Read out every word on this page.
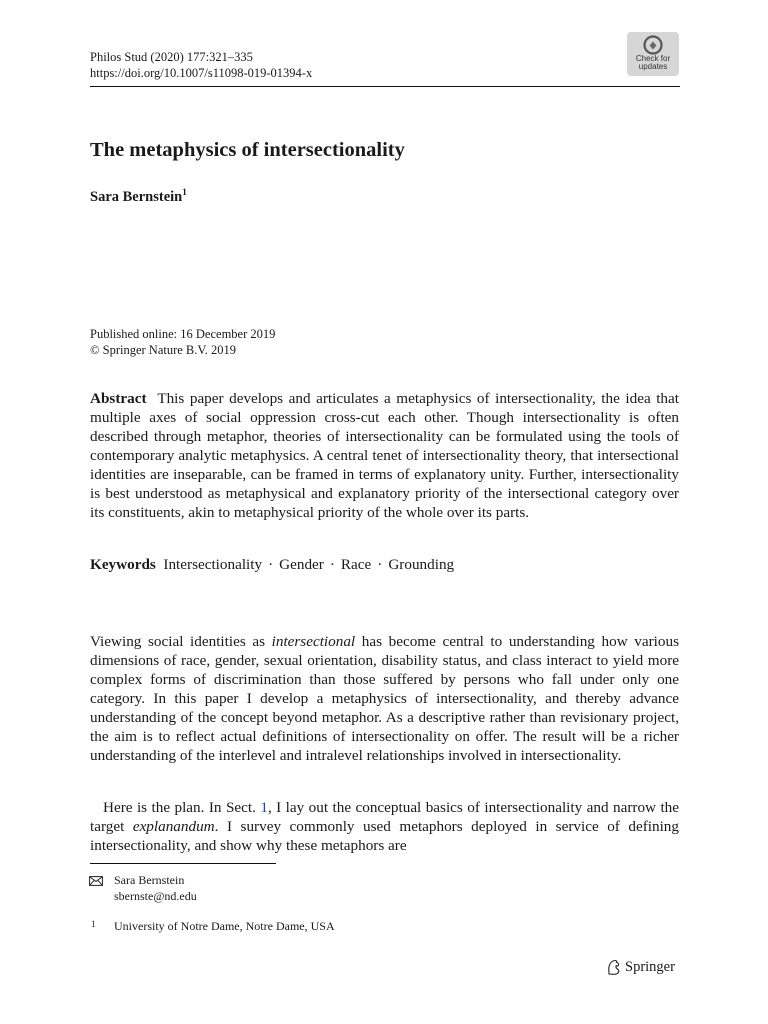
Philos Stud (2020) 177:321–335
https://doi.org/10.1007/s11098-019-01394-x
Check for
updates
The metaphysics of intersectionality
Sara Bernstein$^1$
Published online: 16 December 2019
© Springer Nature B.V. 2019
Abstract This paper develops and articulates a metaphysics of intersectionality, the idea that multiple axes of social oppression cross-cut each other. Though intersectionality is often described through metaphor, theories of intersectionality can be formulated using the tools of contemporary analytic metaphysics. A central tenet of intersectionality theory, that intersectional identities are inseparable, can be framed in terms of explanatory unity. Further, intersectionality is best understood as metaphysical and explanatory priority of the intersectional category over its constituents, akin to metaphysical priority of the whole over its parts.
Keywords Intersectionality · Gender · Race · Grounding
Viewing social identities as intersectional has become central to understanding how various dimensions of race, gender, sexual orientation, disability status, and class interact to yield more complex forms of discrimination than those suffered by persons who fall under only one category. In this paper I develop a metaphysics of intersectionality, and thereby advance understanding of the concept beyond metaphor. As a descriptive rather than revisionary project, the aim is to reflect actual definitions of intersectionality on offer. The result will be a richer understanding of the interlevel and intralevel relationships involved in intersectionality.
Here is the plan. In Sect. 1, I lay out the conceptual basics of intersectionality and narrow the target explanandum. I survey commonly used metaphors deployed in service of defining intersectionality, and show why these metaphors are
Sara Bernstein
sbernste@nd.edu
1 University of Notre Dame, Notre Dame, USA
Springer
